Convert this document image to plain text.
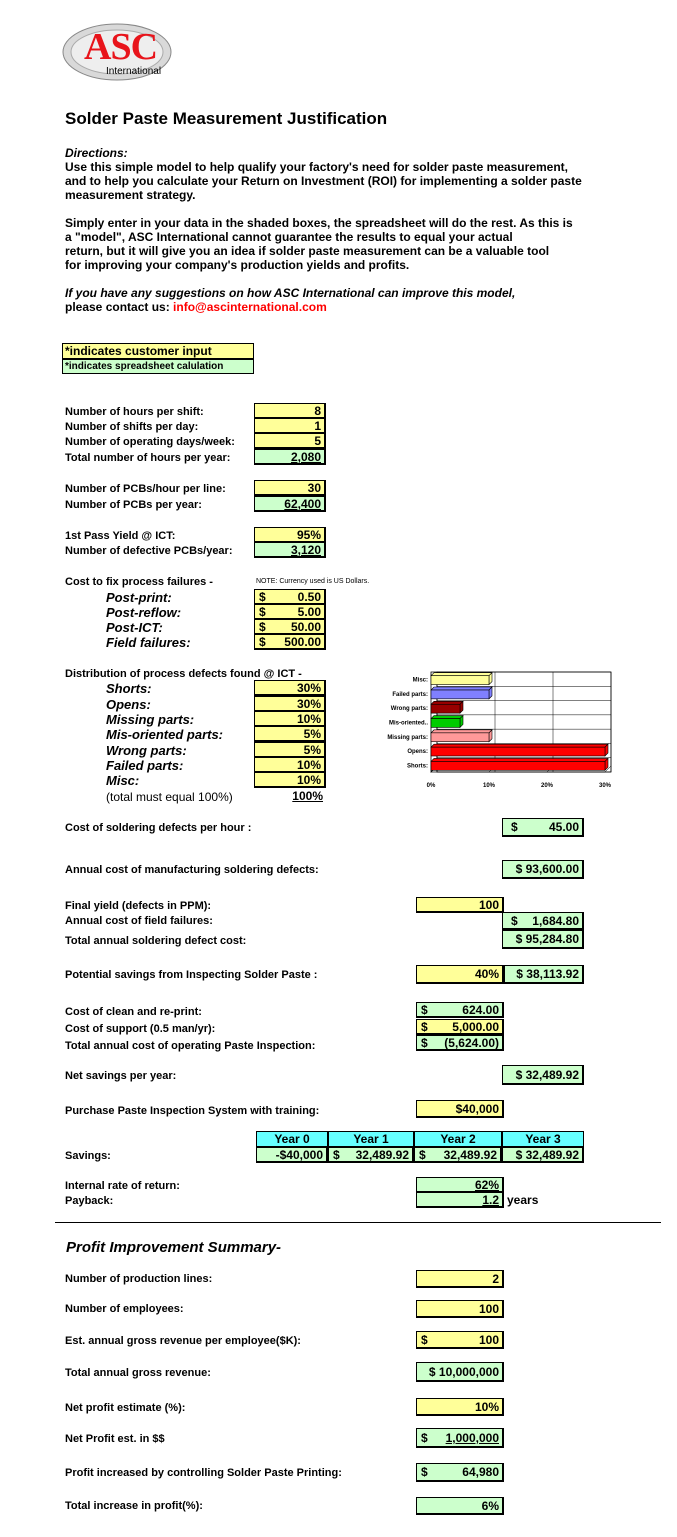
ASC
International
Solder Paste Measurement Justification
Directions:
Use this simple model to help qualify your factory's need for solder paste measurement,
and to help you calculate your Return on Investment (ROI) for implementing a solder paste
measurement strategy.
Simply enter in your data in the shaded boxes, the spreadsheet will do the rest. As this is
a "model", ASC International cannot guarantee the results to equal your actual
return, but it will give you an idea if solder paste measurement can be a valuable tool
for improving your company's production yields and profits.
If you have any suggestions on how ASC International can improve this model,
please contact us: info@ascinternational.com
*indicates customer input
*indicates spreadsheet calulation
Number of hours per shift:	8
Number of shifts per day:	1
Number of operating days/week:	5
Total number of hours per year:	2,080
Number of PCBs/hour per line:	30
Number of PCBs per year:	62,400
1st Pass Yield @ ICT:	95%
Number of defective PCBs/year:	3,120
Cost to fix process failures -	NOTE: Currency used is US Dollars.
Post-print:	$	0.50
Post-reflow:	$	5.00
Post-ICT:	$ 50.00
Field failures:	$ 500.00
Distribution of process defects found @ ICT -
Shorts:	30%
Opens:	30%
Missing parts:	10%
Mis-oriented parts:	5%
Wrong parts:	5%
Failed parts:	10%
Misc:	10%
(total must equal 100%)	100%
0%	10%	20%	30%
Shorts:
Opens:
Missing parts:
Mis-oriented..
Wrong parts:
Failed parts:
Misc:
Cost of soldering defects per hour :	$	45.00
Annual cost of manufacturing soldering defects:	$ 93,600.00
Final yield (defects in PPM):	100
Annual cost of field failures:	$ 1,684.80
Total annual soldering defect cost:	$ 95,284.80
Potential savings from Inspecting Solder Paste :	40%	$ 38,113.92
Cost of clean and re-print:	$	624.00
Cost of support (0.5 man/yr):	$ 5,000.00
Total annual cost of operating Paste Inspection:	$ (5,624.00)
Net savings per year:	$ 32,489.92
Purchase Paste Inspection System with training:	$40,000
Year 0	Year 1	Year 2	Year 3
Savings:	-$40,000 $ 32,489.92 $ 32,489.92	$ 32,489.92
Internal rate of return:	62%
Payback:	1.2 years
Profit Improvement Summary-
Number of production lines:	2
Number of employees:	100
Est. annual gross revenue per employee($K):	$	100
Total annual gross revenue:	$ 10,000,000
Net profit estimate (%):	10%
Net Profit est. in $$	$ 1,000,000
Profit increased by controlling Solder Paste Printing:	$	64,980
Total increase in profit(%):	6%
